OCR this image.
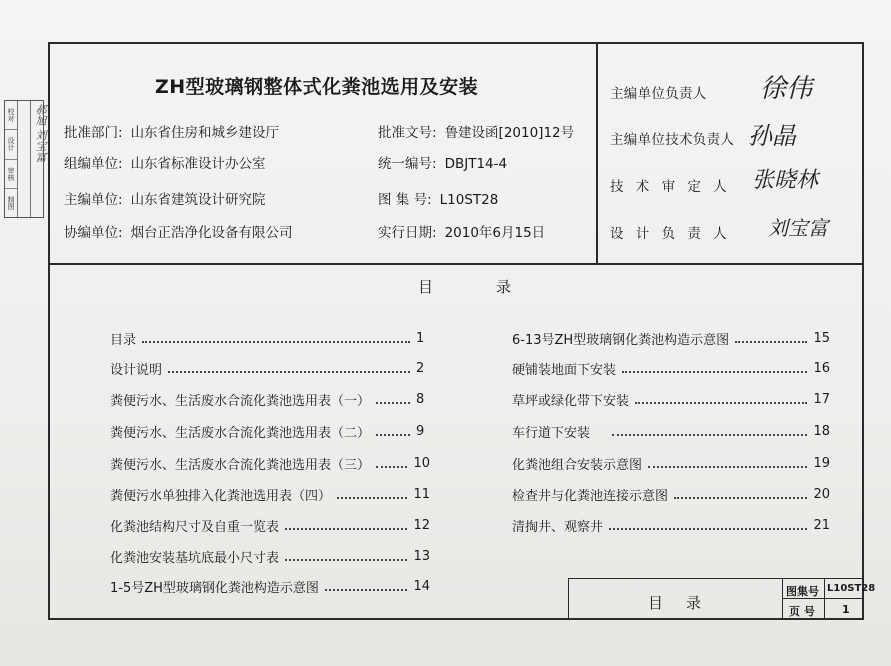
校对
设计
审核
制图
郝旭 刘宝富
ZH型玻璃钢整体式化粪池选用及安装
批准部门: 山东省住房和城乡建设厅
组编单位: 山东省标准设计办公室
主编单位: 山东省建筑设计研究院
协编单位: 烟台正浩净化设备有限公司
批准文号: 鲁建设函[2010]12号
统一编号: DBJT14-4
图 集 号: L10ST28
实行日期: 2010年6月15日
主编单位负责人 徐伟
主编单位技术负责人 孙晶
技 术 审 定 人 张晓林
设 计 负 责 人 刘宝富
目	录
目录	1
设计说明	2
粪便污水、生活废水合流化粪池选用表（一）	8
粪便污水、生活废水合流化粪池选用表（二）	9
粪便污水、生活废水合流化粪池选用表（三）	10
粪便污水单独排入化粪池选用表（四）	11
化粪池结构尺寸及自重一览表	12
化粪池安装基坑底最小尺寸表	13
1-5号ZH型玻璃钢化粪池构造示意图	14
6-13号ZH型玻璃钢化粪池构造示意图	15
硬铺装地面下安装	16
草坪或绿化带下安装	17
车行道下安装	18
化粪池组合安装示意图	19
检查井与化粪池连接示意图	20
清掏井、观察井	21
目 录
图集号 L10ST28
页 号 1
